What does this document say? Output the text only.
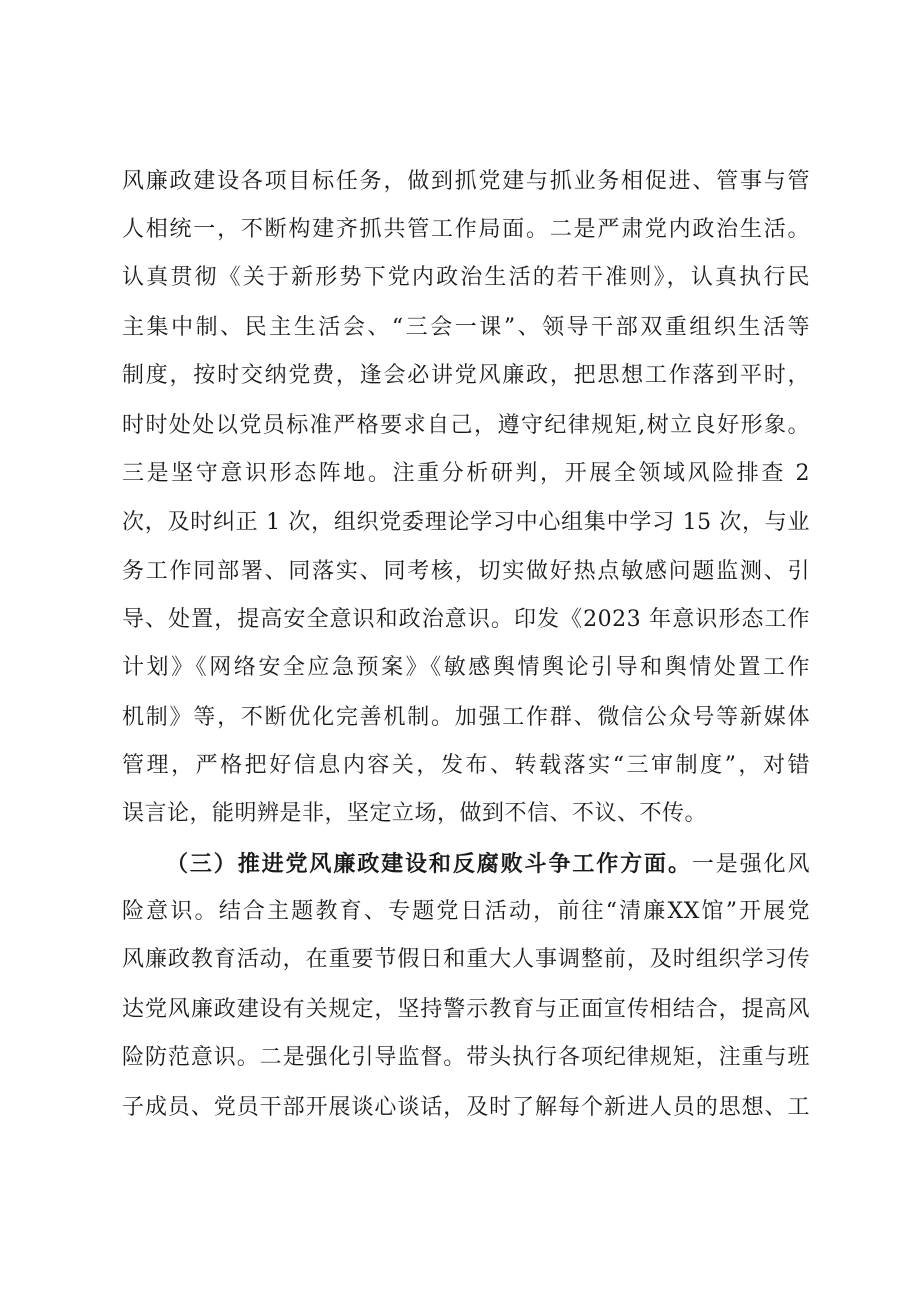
风廉政建设各项目标任务，做到抓党建与抓业务相促进、管事与管
人相统一，不断构建齐抓共管工作局面。二是严肃党内政治生活。
认真贯彻《关于新形势下党内政治生活的若干准则》，认真执行民
主集中制、民主生活会、“三会一课”、领导干部双重组织生活等
制度，按时交纳党费，逢会必讲党风廉政，把思想工作落到平时，
时时处处以党员标准严格要求自己，遵守纪律规矩,树立良好形象。
三是坚守意识形态阵地。注重分析研判，开展全领域风险排查 2
次，及时纠正 1 次，组织党委理论学习中心组集中学习 15 次，与业
务工作同部署、同落实、同考核，切实做好热点敏感问题监测、引
导、处置，提高安全意识和政治意识。印发《2023 年意识形态工作
计划》《网络安全应急预案》《敏感舆情舆论引导和舆情处置工作
机制》等，不断优化完善机制。加强工作群、微信公众号等新媒体
管理，严格把好信息内容关，发布、转载落实“三审制度”，对错
误言论，能明辨是非，坚定立场，做到不信、不议、不传。
（三）推进党风廉政建设和反腐败斗争工作方面。一是强化风
险意识。结合主题教育、专题党日活动，前往“清廉XX馆”开展党
风廉政教育活动，在重要节假日和重大人事调整前，及时组织学习传
达党风廉政建设有关规定，坚持警示教育与正面宣传相结合，提高风
险防范意识。二是强化引导监督。带头执行各项纪律规矩，注重与班
子成员、党员干部开展谈心谈话，及时了解每个新进人员的思想、工
